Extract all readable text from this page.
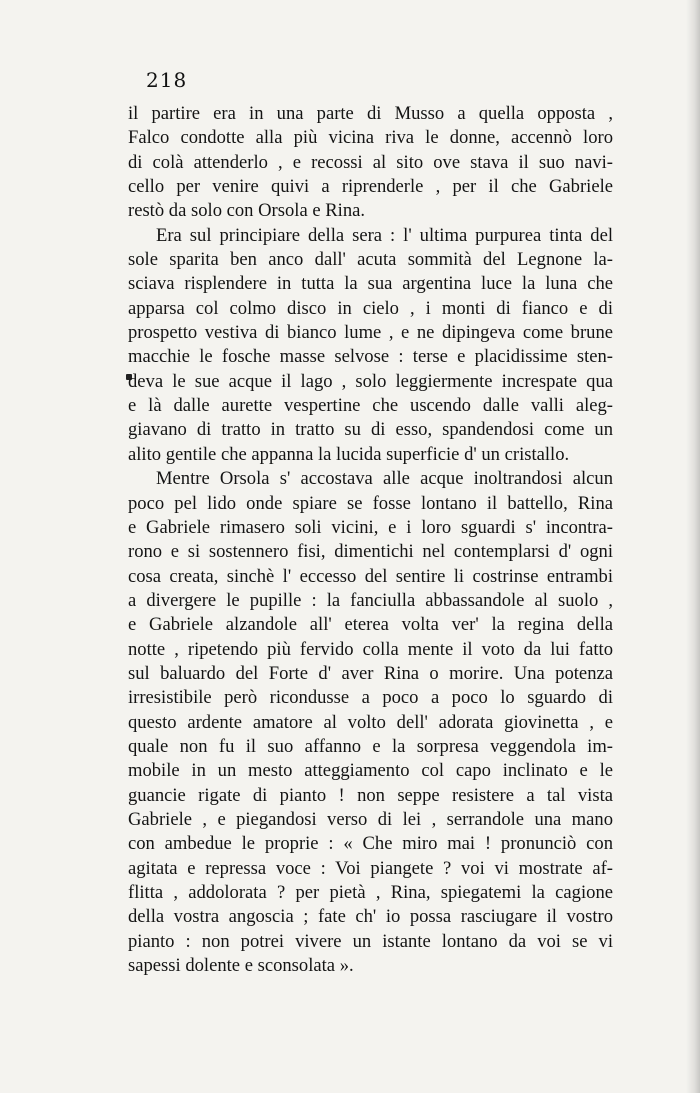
218
il partire era in una parte di Musso a quella opposta ,
Falco condotte alla più vicina riva le donne, accennò loro
di colà attenderlo , e recossi al sito ove stava il suo navi-
cello per venire quivi a riprenderle , per il che Gabriele
restò da solo con Orsola e Rina.
Era sul principiare della sera : l' ultima purpurea tinta del
sole sparita ben anco dall' acuta sommità del Legnone la-
sciava risplendere in tutta la sua argentina luce la luna che
apparsa col colmo disco in cielo , i monti di fianco e di
prospetto vestiva di bianco lume , e ne dipingeva come brune
macchie le fosche masse selvose : terse e placidissime sten-
deva le sue acque il lago , solo leggiermente increspate qua
e là dalle aurette vespertine che uscendo dalle valli aleg-
giavano di tratto in tratto su di esso, spandendosi come un
alito gentile che appanna la lucida superficie d' un cristallo.
Mentre Orsola s' accostava alle acque inoltrandosi alcun
poco pel lido onde spiare se fosse lontano il battello, Rina
e Gabriele rimasero soli vicini, e i loro sguardi s' incontra-
rono e si sostennero fisi, dimentichi nel contemplarsi d' ogni
cosa creata, sinchè l' eccesso del sentire li costrinse entrambi
a divergere le pupille : la fanciulla abbassandole al suolo ,
e Gabriele alzandole all' eterea volta ver' la regina della
notte , ripetendo più fervido colla mente il voto da lui fatto
sul baluardo del Forte d' aver Rina o morire. Una potenza
irresistibile però ricondusse a poco a poco lo sguardo di
questo ardente amatore al volto dell' adorata giovinetta , e
quale non fu il suo affanno e la sorpresa veggendola im-
mobile in un mesto atteggiamento col capo inclinato e le
guancie rigate di pianto ! non seppe resistere a tal vista
Gabriele , e piegandosi verso di lei , serrandole una mano
con ambedue le proprie : « Che miro mai ! pronunciò con
agitata e repressa voce : Voi piangete ? voi vi mostrate af-
flitta , addolorata ? per pietà , Rina, spiegatemi la cagione
della vostra angoscia ; fate ch' io possa rasciugare il vostro
pianto : non potrei vivere un istante lontano da voi se vi
sapessi dolente e sconsolata ».
